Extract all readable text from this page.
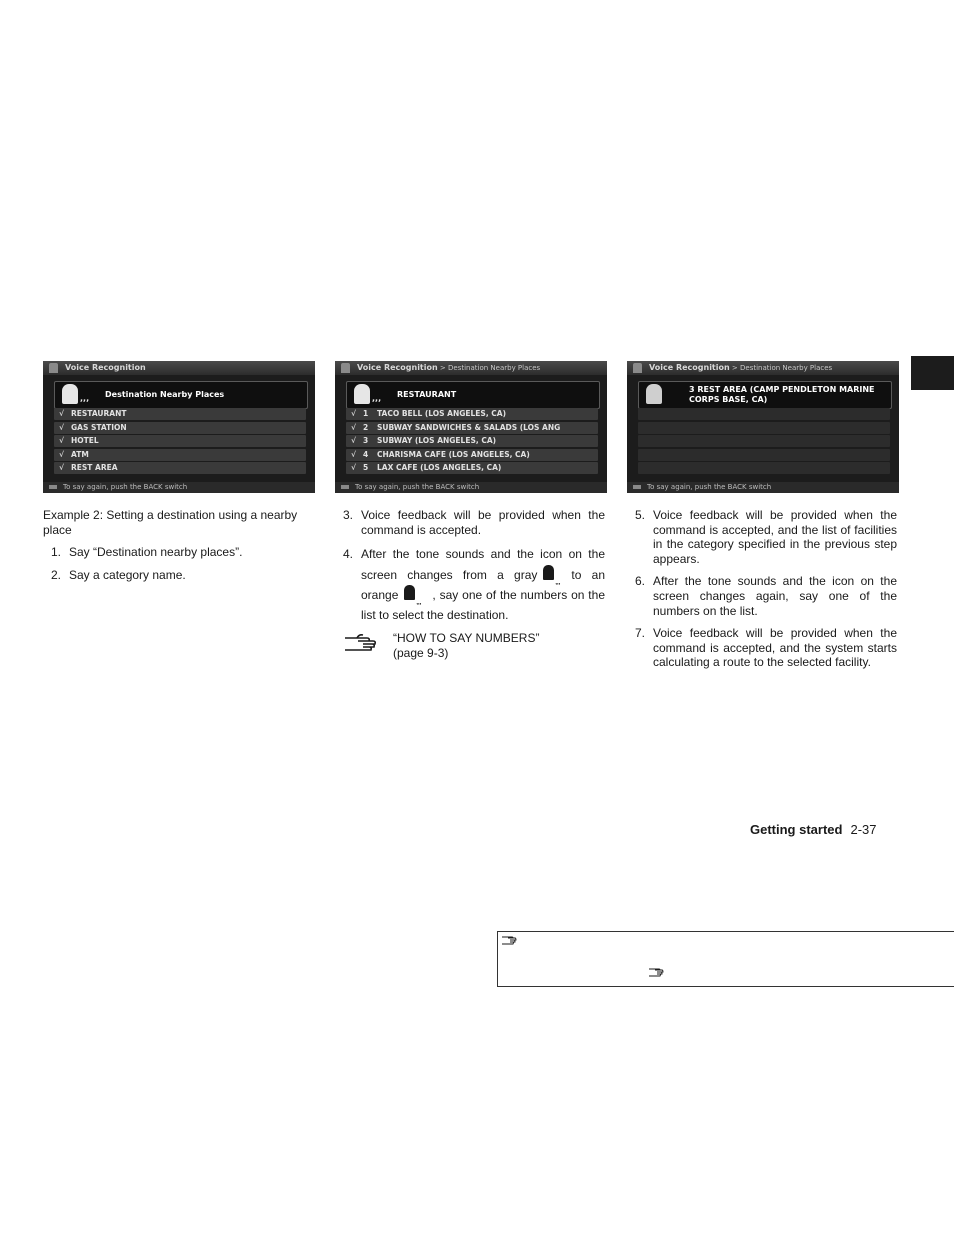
Voice Recognition
,,, Destination Nearby Places
√ RESTAURANT
√ GAS STATION
√ HOTEL
√ ATM
√ REST AREA
To say again, push the BACK switch
Voice Recognition > Destination Nearby Places
,,, RESTAURANT
√ 1 TACO BELL (LOS ANGELES, CA)
√ 2 SUBWAY SANDWICHES & SALADS (LOS ANG
√ 3 SUBWAY (LOS ANGELES, CA)
√ 4 CHARISMA CAFE (LOS ANGELES, CA)
√ 5 LAX CAFE (LOS ANGELES, CA)
To say again, push the BACK switch
Voice Recognition > Destination Nearby Places
3 REST AREA (CAMP PENDLETON MARINE CORPS BASE, CA)
To say again, push the BACK switch

Example 2: Setting a destination using a nearby place

1. Say “Destination nearby places”.
2. Say a category name.
3. Voice feedback will be provided when the command is accepted.
4. After the tone sounds and the icon on the screen changes from a gray
,,,
to an orange
,,,
, say one of the numbers on the list to select the destination.
“HOW TO SAY NUMBERS”
(page 9-3)
5. Voice feedback will be provided when the command is accepted, and the list of facilities in the category specified in the previous step appears.
6. After the tone sounds and the icon on the screen changes again, say one of the numbers on the list.
7. Voice feedback will be provided when the command is accepted, and the system starts calculating a route to the selected facility.
Getting started 2-37
